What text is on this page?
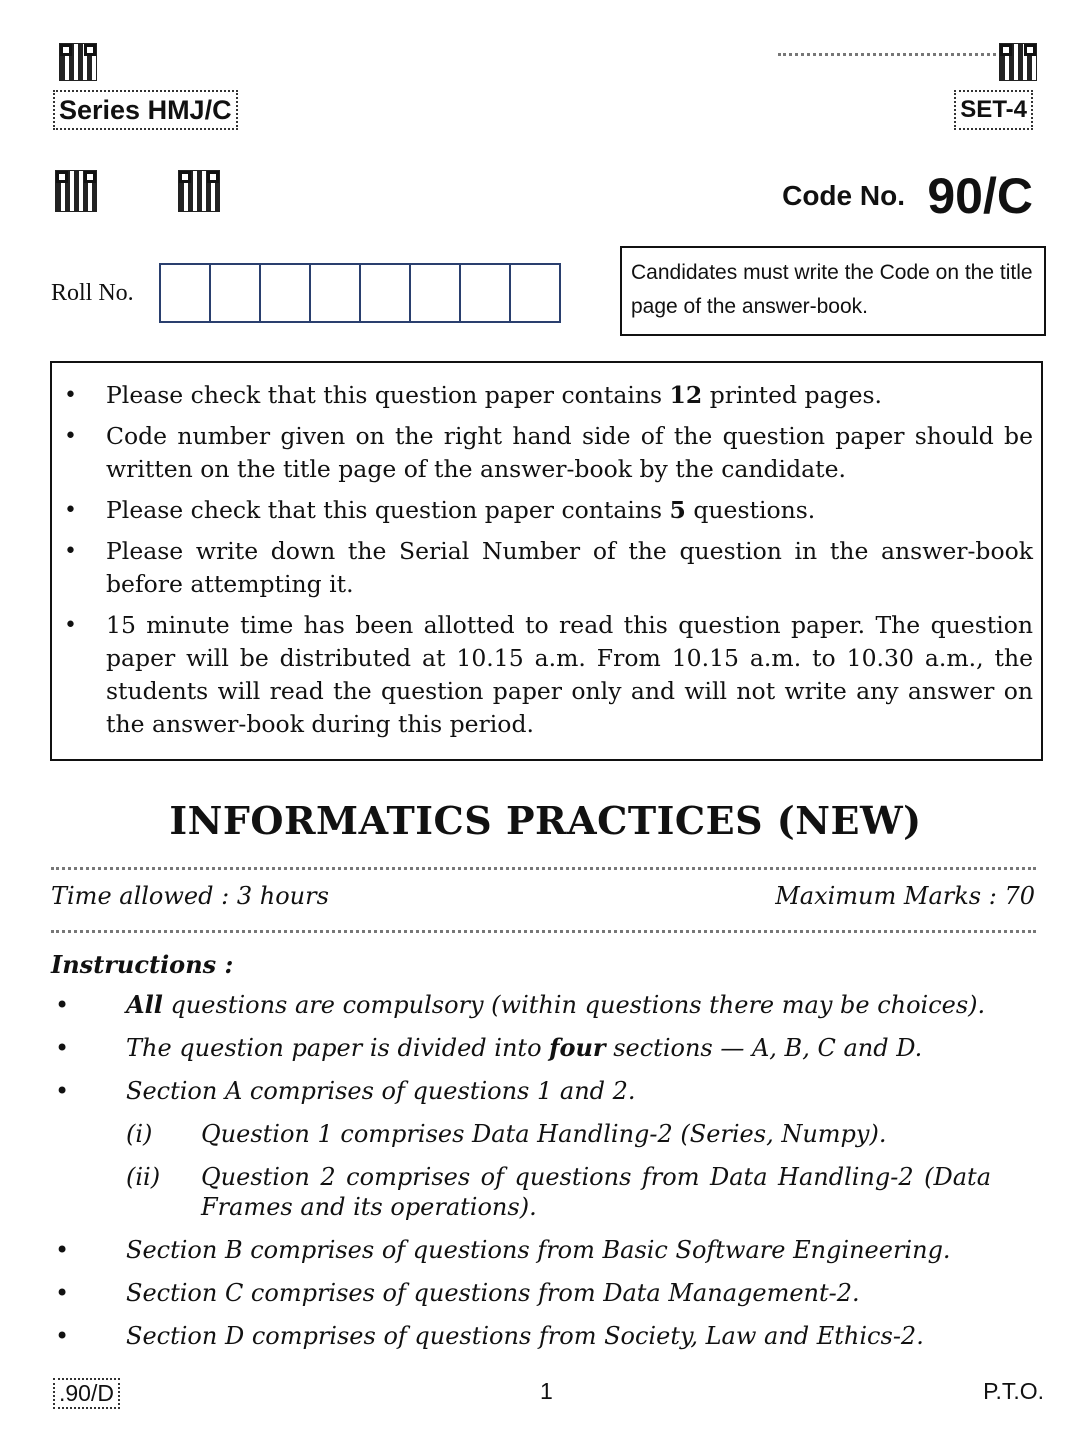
Series HMJ/C	SET-4
Code No. 90/C
Roll No.
Candidates must write the Code on the title page of the answer-book.
• Please check that this question paper contains 12 printed pages.
• Code number given on the right hand side of the question paper should be written on the title page of the answer-book by the candidate.
• Please check that this question paper contains 5 questions.
• Please write down the Serial Number of the question in the answer-book before attempting it.
• 15 minute time has been allotted to read this question paper. The question paper will be distributed at 10.15 a.m. From 10.15 a.m. to 10.30 a.m., the students will read the question paper only and will not write any answer on the answer-book during this period.
INFORMATICS PRACTICES (NEW)
Time allowed : 3 hours	Maximum Marks : 70
Instructions :
• All questions are compulsory (within questions there may be choices).
• The question paper is divided into four sections — A, B, C and D.
• Section A comprises of questions 1 and 2.
(i) Question 1 comprises Data Handling-2 (Series, Numpy).
(ii) Question 2 comprises of questions from Data Handling-2 (Data Frames and its operations).
• Section B comprises of questions from Basic Software Engineering.
• Section C comprises of questions from Data Management-2.
• Section D comprises of questions from Society, Law and Ethics-2.
.90/D	1	P.T.O.
